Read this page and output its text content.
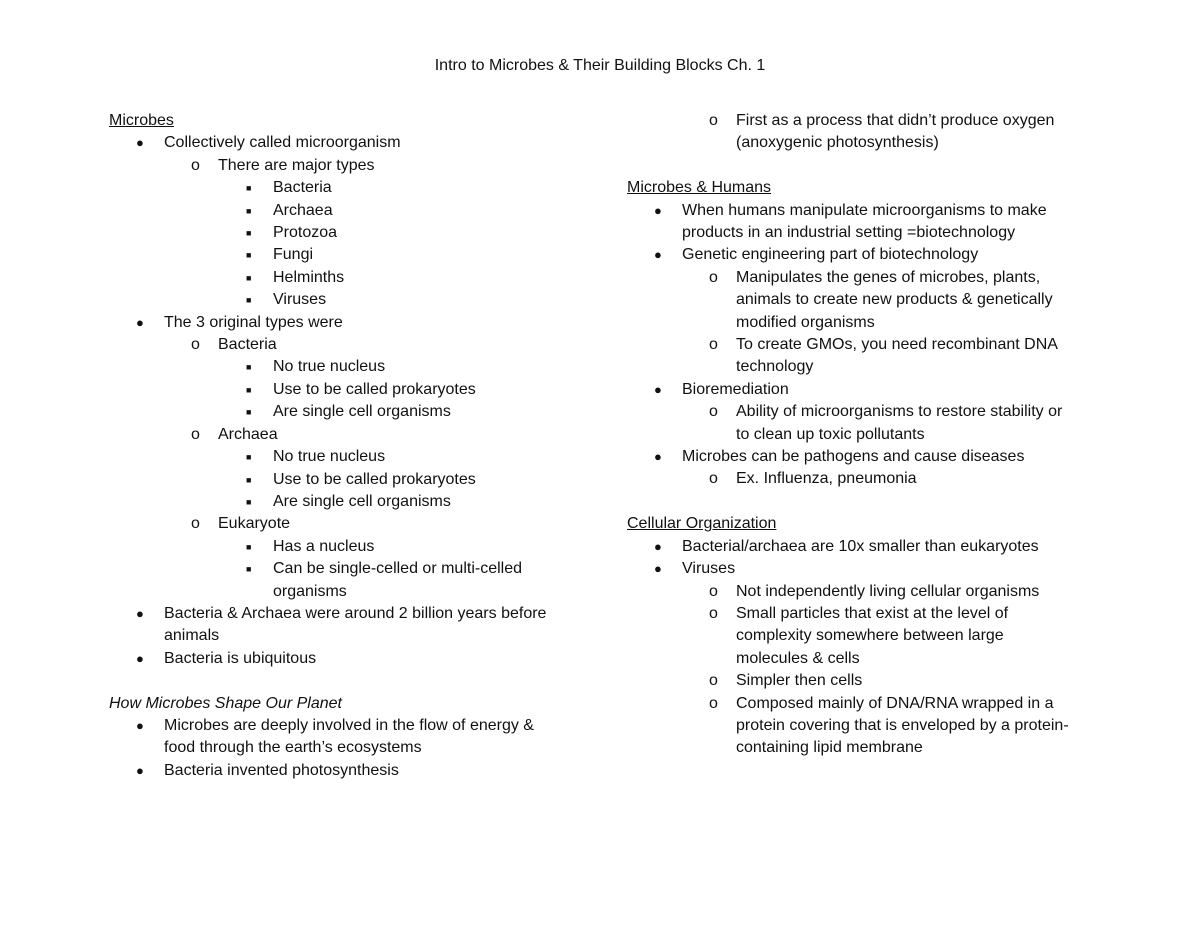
Intro to Microbes & Their Building Blocks Ch. 1
Microbes
● Collectively called microorganism
o There are major types
■ Bacteria
■ Archaea
■ Protozoa
■ Fungi
■ Helminths
■ Viruses
● The 3 original types were
o Bacteria
■ No true nucleus
■ Use to be called prokaryotes
■ Are single cell organisms
o Archaea
■ No true nucleus
■ Use to be called prokaryotes
■ Are single cell organisms
o Eukaryote
■ Has a nucleus
■ Can be single-celled or multi-celled
organisms
● Bacteria & Archaea were around 2 billion years before
animals
● Bacteria is ubiquitous
How Microbes Shape Our Planet
● Microbes are deeply involved in the flow of energy &
food through the earth’s ecosystems
● Bacteria invented photosynthesis
o First as a process that didn’t produce oxygen
(anoxygenic photosynthesis)
Microbes & Humans
● When humans manipulate microorganisms to make
products in an industrial setting =biotechnology
● Genetic engineering part of biotechnology
o Manipulates the genes of microbes, plants,
animals to create new products & genetically
modified organisms
o To create GMOs, you need recombinant DNA
technology
● Bioremediation
o Ability of microorganisms to restore stability or
to clean up toxic pollutants
● Microbes can be pathogens and cause diseases
o Ex. Influenza, pneumonia
Cellular Organization
● Bacterial/archaea are 10x smaller than eukaryotes
● Viruses
o Not independently living cellular organisms
o Small particles that exist at the level of
complexity somewhere between large
molecules & cells
o Simpler then cells
o Composed mainly of DNA/RNA wrapped in a
protein covering that is enveloped by a protein-
containing lipid membrane
